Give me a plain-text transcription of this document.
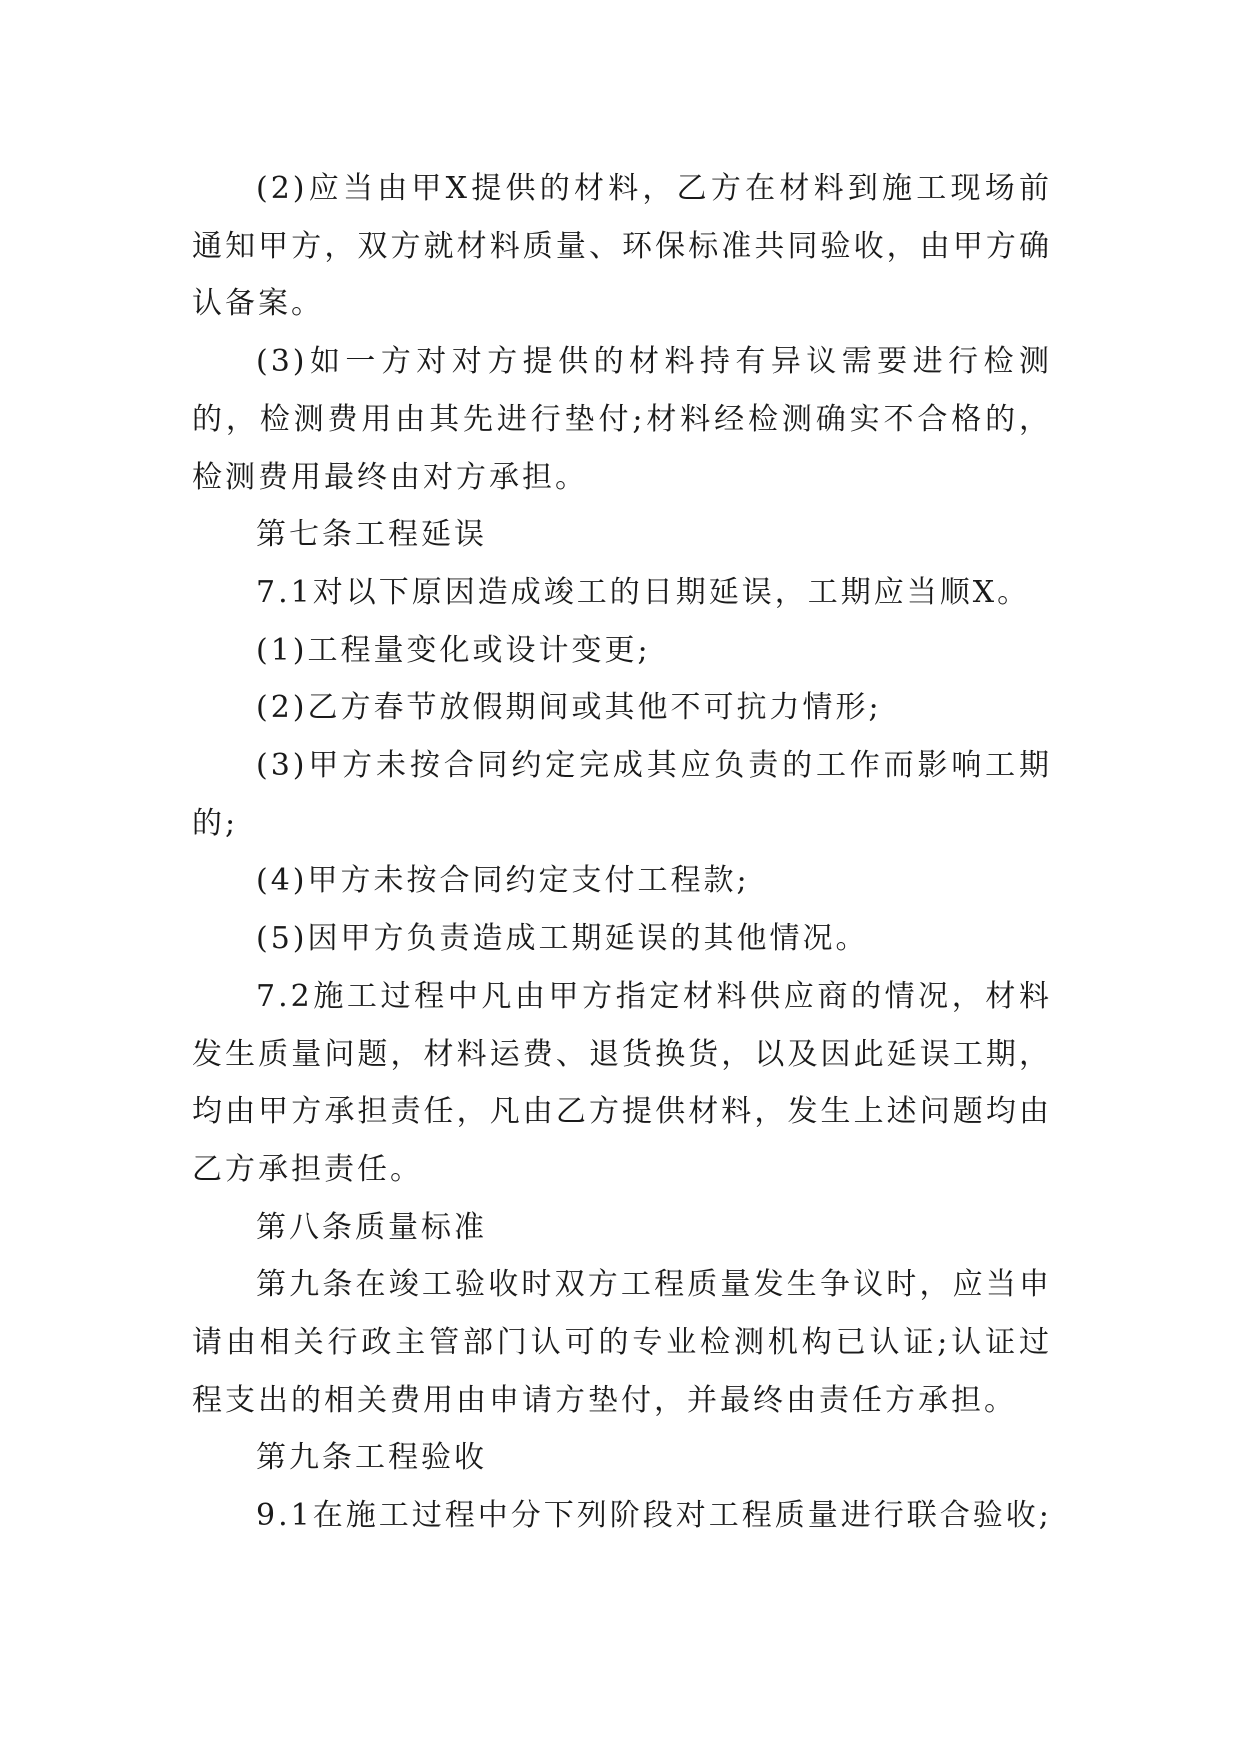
(2)应当由甲X提供的材料，乙方在材料到施工现场前通知甲方，双方就材料质量、环保标准共同验收，由甲方确认备案。

(3)如一方对对方提供的材料持有异议需要进行检测的，检测费用由其先进行垫付;材料经检测确实不合格的，检测费用最终由对方承担。

第七条工程延误

7.1对以下原因造成竣工的日期延误，工期应当顺X。

(1)工程量变化或设计变更;

(2)乙方春节放假期间或其他不可抗力情形;

(3)甲方未按合同约定完成其应负责的工作而影响工期的;

(4)甲方未按合同约定支付工程款;

(5)因甲方负责造成工期延误的其他情况。

7.2施工过程中凡由甲方指定材料供应商的情况，材料发生质量问题，材料运费、退货换货，以及因此延误工期，均由甲方承担责任，凡由乙方提供材料，发生上述问题均由乙方承担责任。

第八条质量标准

第九条在竣工验收时双方工程质量发生争议时，应当申请由相关行政主管部门认可的专业检测机构已认证;认证过程支出的相关费用由申请方垫付，并最终由责任方承担。

第九条工程验收

9.1在施工过程中分下列阶段对工程质量进行联合验收;
